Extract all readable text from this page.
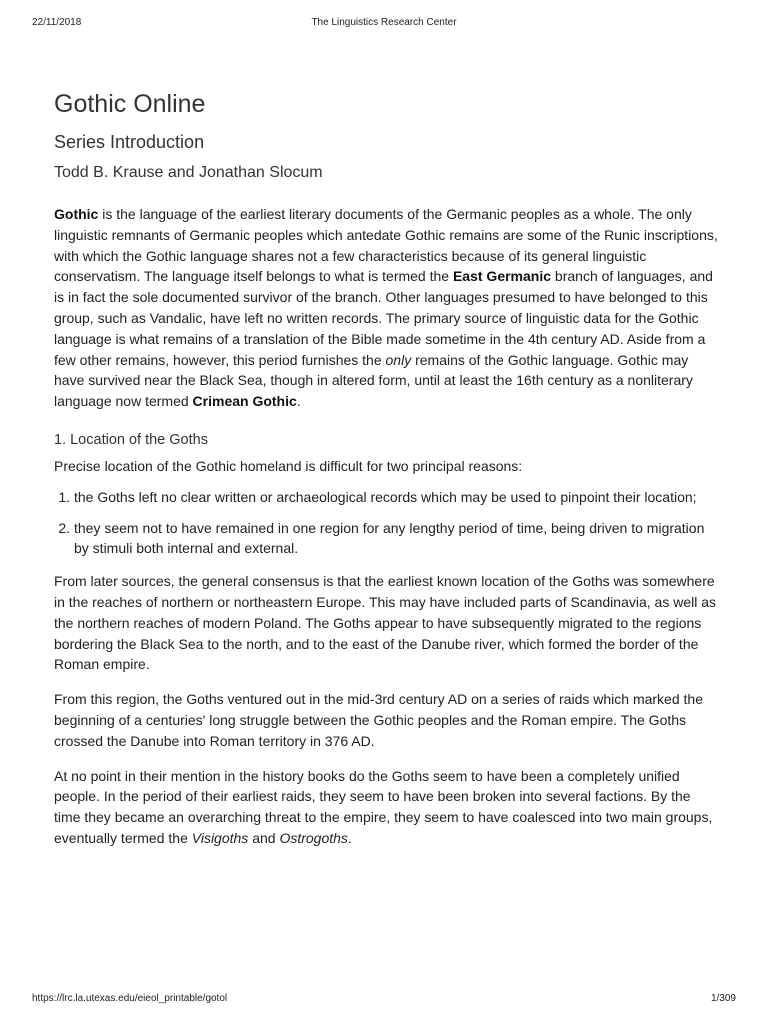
22/11/2018	The Linguistics Research Center
Gothic Online
Series Introduction
Todd B. Krause and Jonathan Slocum

Gothic is the language of the earliest literary documents of the Germanic peoples as a whole. The only linguistic remnants of Germanic peoples which antedate Gothic remains are some of the Runic inscriptions, with which the Gothic language shares not a few characteristics because of its general linguistic conservatism. The language itself belongs to what is termed the East Germanic branch of languages, and is in fact the sole documented survivor of the branch. Other languages presumed to have belonged to this group, such as Vandalic, have left no written records. The primary source of linguistic data for the Gothic language is what remains of a translation of the Bible made sometime in the 4th century AD. Aside from a few other remains, however, this period furnishes the only remains of the Gothic language. Gothic may have survived near the Black Sea, though in altered form, until at least the 16th century as a nonliterary language now termed Crimean Gothic.

1. Location of the Goths

Precise location of the Gothic homeland is difficult for two principal reasons:

1. the Goths left no clear written or archaeological records which may be used to pinpoint their location;
2. they seem not to have remained in one region for any lengthy period of time, being driven to migration by stimuli both internal and external.

From later sources, the general consensus is that the earliest known location of the Goths was somewhere in the reaches of northern or northeastern Europe. This may have included parts of Scandinavia, as well as the northern reaches of modern Poland. The Goths appear to have subsequently migrated to the regions bordering the Black Sea to the north, and to the east of the Danube river, which formed the border of the Roman empire.

From this region, the Goths ventured out in the mid-3rd century AD on a series of raids which marked the beginning of a centuries' long struggle between the Gothic peoples and the Roman empire. The Goths crossed the Danube into Roman territory in 376 AD.

At no point in their mention in the history books do the Goths seem to have been a completely unified people. In the period of their earliest raids, they seem to have been broken into several factions. By the time they became an overarching threat to the empire, they seem to have coalesced into two main groups, eventually termed the Visigoths and Ostrogoths.

https://lrc.la.utexas.edu/eieol_printable/gotol	1/309
